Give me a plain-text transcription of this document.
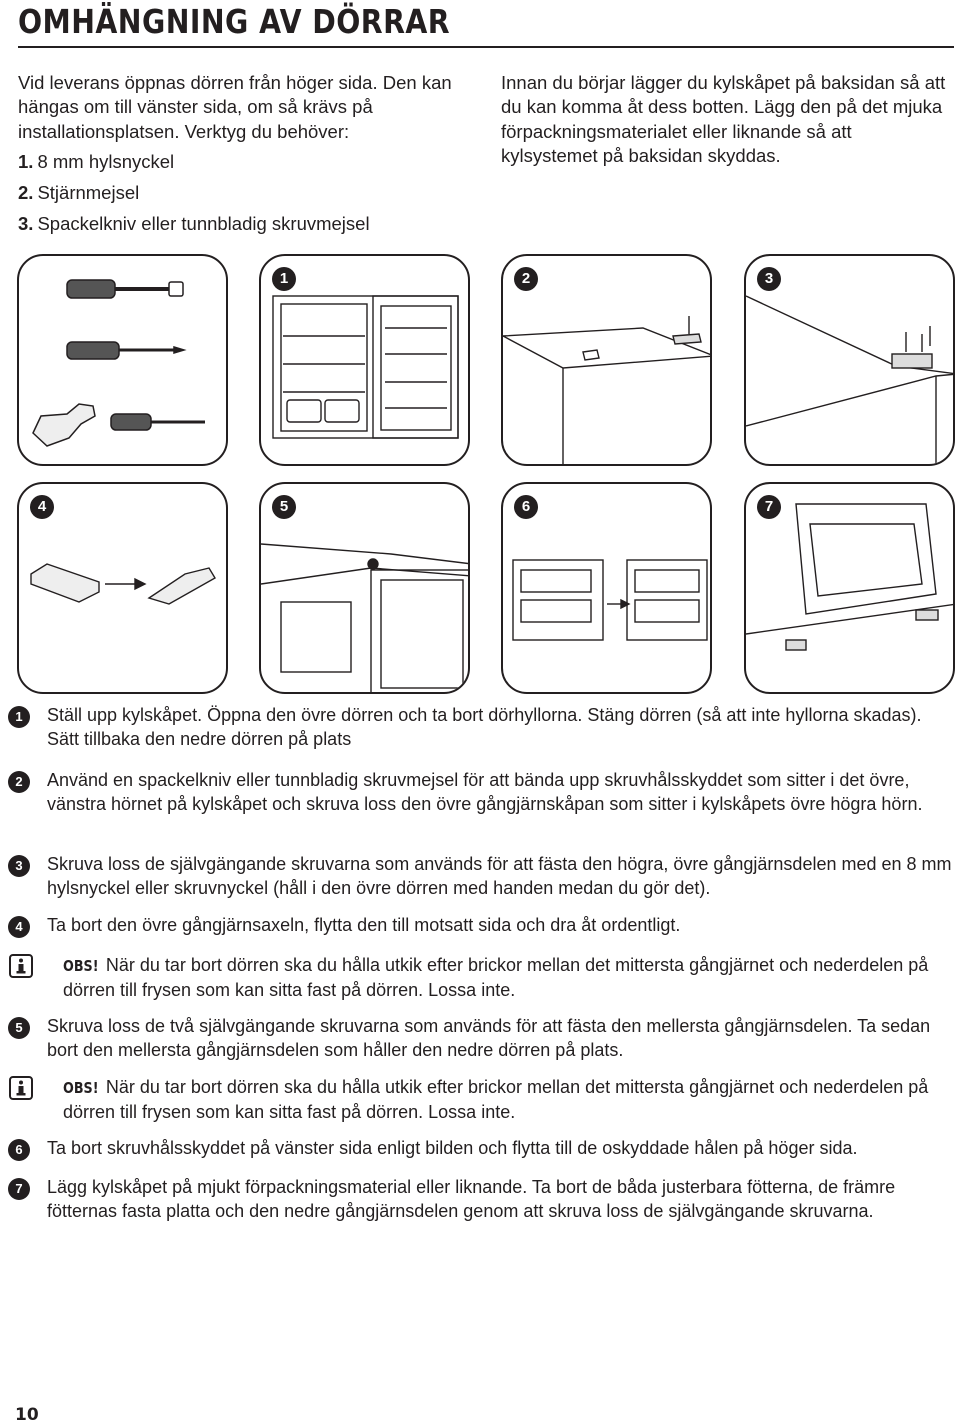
OMHÄNGNING AV DÖRRAR

Vid leverans öppnas dörren från höger sida. Den kan hängas om till vänster sida, om så krävs på installationsplatsen. Verktyg du behöver:

1. 8 mm hylsnyckel
2. Stjärnmejsel
3. Spackelkniv eller tunnbladig skruvmejsel

Innan du börjar lägger du kylskåpet på baksidan så att du kan komma åt dess botten. Lägg den på det mjuka förpackningsmaterialet eller liknande så att kylsystemet på baksidan skyddas.

1	2	3
4	5	6	7
1	Ställ upp kylskåpet. Öppna den övre dörren och ta bort dörhyllorna. Stäng dörren (så att inte hyllorna skadas). Sätt tillbaka den nedre dörren på plats

2	Använd en spackelkniv eller tunnbladig skruvmejsel för att bända upp skruvhålsskyddet som sitter i det övre, vänstra hörnet på kylskåpet och skruva loss den övre gångjärnskåpan som sitter i kylskåpets övre högra hörn.

3	Skruva loss de självgängande skruvarna som används för att fästa den högra, övre gångjärnsdelen med en 8 mm hylsnyckel eller skruvnyckel (håll i den övre dörren med handen medan du gör det).

4	Ta bort den övre gångjärnsaxeln, flytta den till motsatt sida och dra åt ordentligt.

OBS! När du tar bort dörren ska du hålla utkik efter brickor mellan det mittersta gångjärnet och nederdelen på dörren till frysen som kan sitta fast på dörren. Lossa inte.

5	Skruva loss de två självgängande skruvarna som används för att fästa den mellersta gångjärnsdelen. Ta sedan bort den mellersta gångjärnsdelen som håller den nedre dörren på plats.

OBS! När du tar bort dörren ska du hålla utkik efter brickor mellan det mittersta gångjärnet och nederdelen på dörren till frysen som kan sitta fast på dörren. Lossa inte.

6	Ta bort skruvhålsskyddet på vänster sida enligt bilden och flytta till de oskyddade hålen på höger sida.

7	Lägg kylskåpet på mjukt förpackningsmaterial eller liknande. Ta bort de båda justerbara fötterna, de främre fötternas fasta platta och den nedre gångjärnsdelen genom att skruva loss de självgängande skruvarna.

10
